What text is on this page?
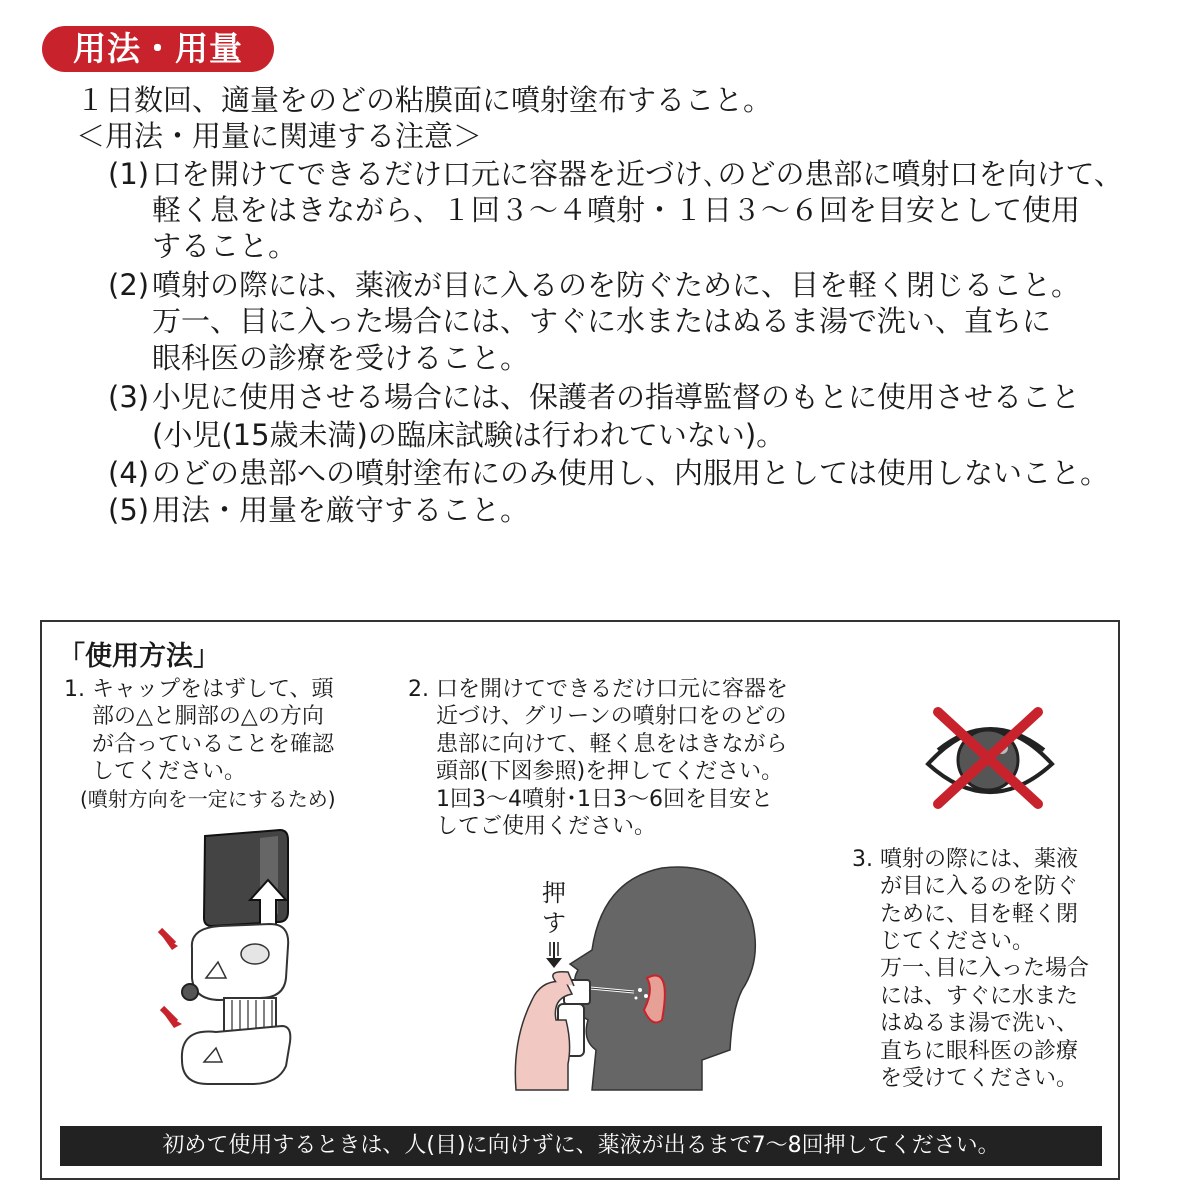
用法・用量
１日数回、適量をのどの粘膜面に噴射塗布すること。
＜用法・用量に関連する注意＞
(1) 口を開けてできるだけ口元に容器を近づけ､のどの患部に噴射口を向けて、
軽く息をはきながら、１回３～４噴射・１日３～６回を目安として使用
すること。
(2) 噴射の際には、薬液が目に入るのを防ぐために、目を軽く閉じること。
万一、目に入った場合には、すぐに水またはぬるま湯で洗い、直ちに
眼科医の診療を受けること。
(3) 小児に使用させる場合には、保護者の指導監督のもとに使用させること
(小児(15歳未満)の臨床試験は行われていない)。
(4) のどの患部への噴射塗布にのみ使用し、内服用としては使用しないこと。
(5) 用法・用量を厳守すること。
「使用方法」
1. キャップをはずして、頭
部の△と胴部の△の方向
が合っていることを確認
してください。
(噴射方向を一定にするため)
2. 口を開けてできるだけ口元に容器を
近づけ、グリーンの噴射口をのどの
患部に向けて、軽く息をはきながら
頭部(下図参照)を押してください。
1回3～4噴射･1日3～6回を目安と
してご使用ください。
3. 噴射の際には、薬液
が目に入るのを防ぐ
ために、目を軽く閉
じてください。
万一､目に入った場合
には、すぐに水また
はぬるま湯で洗い、
直ちに眼科医の診療
を受けてください。
押
す
初めて使用するときは、人(目)に向けずに、薬液が出るまで7～8回押してください。
